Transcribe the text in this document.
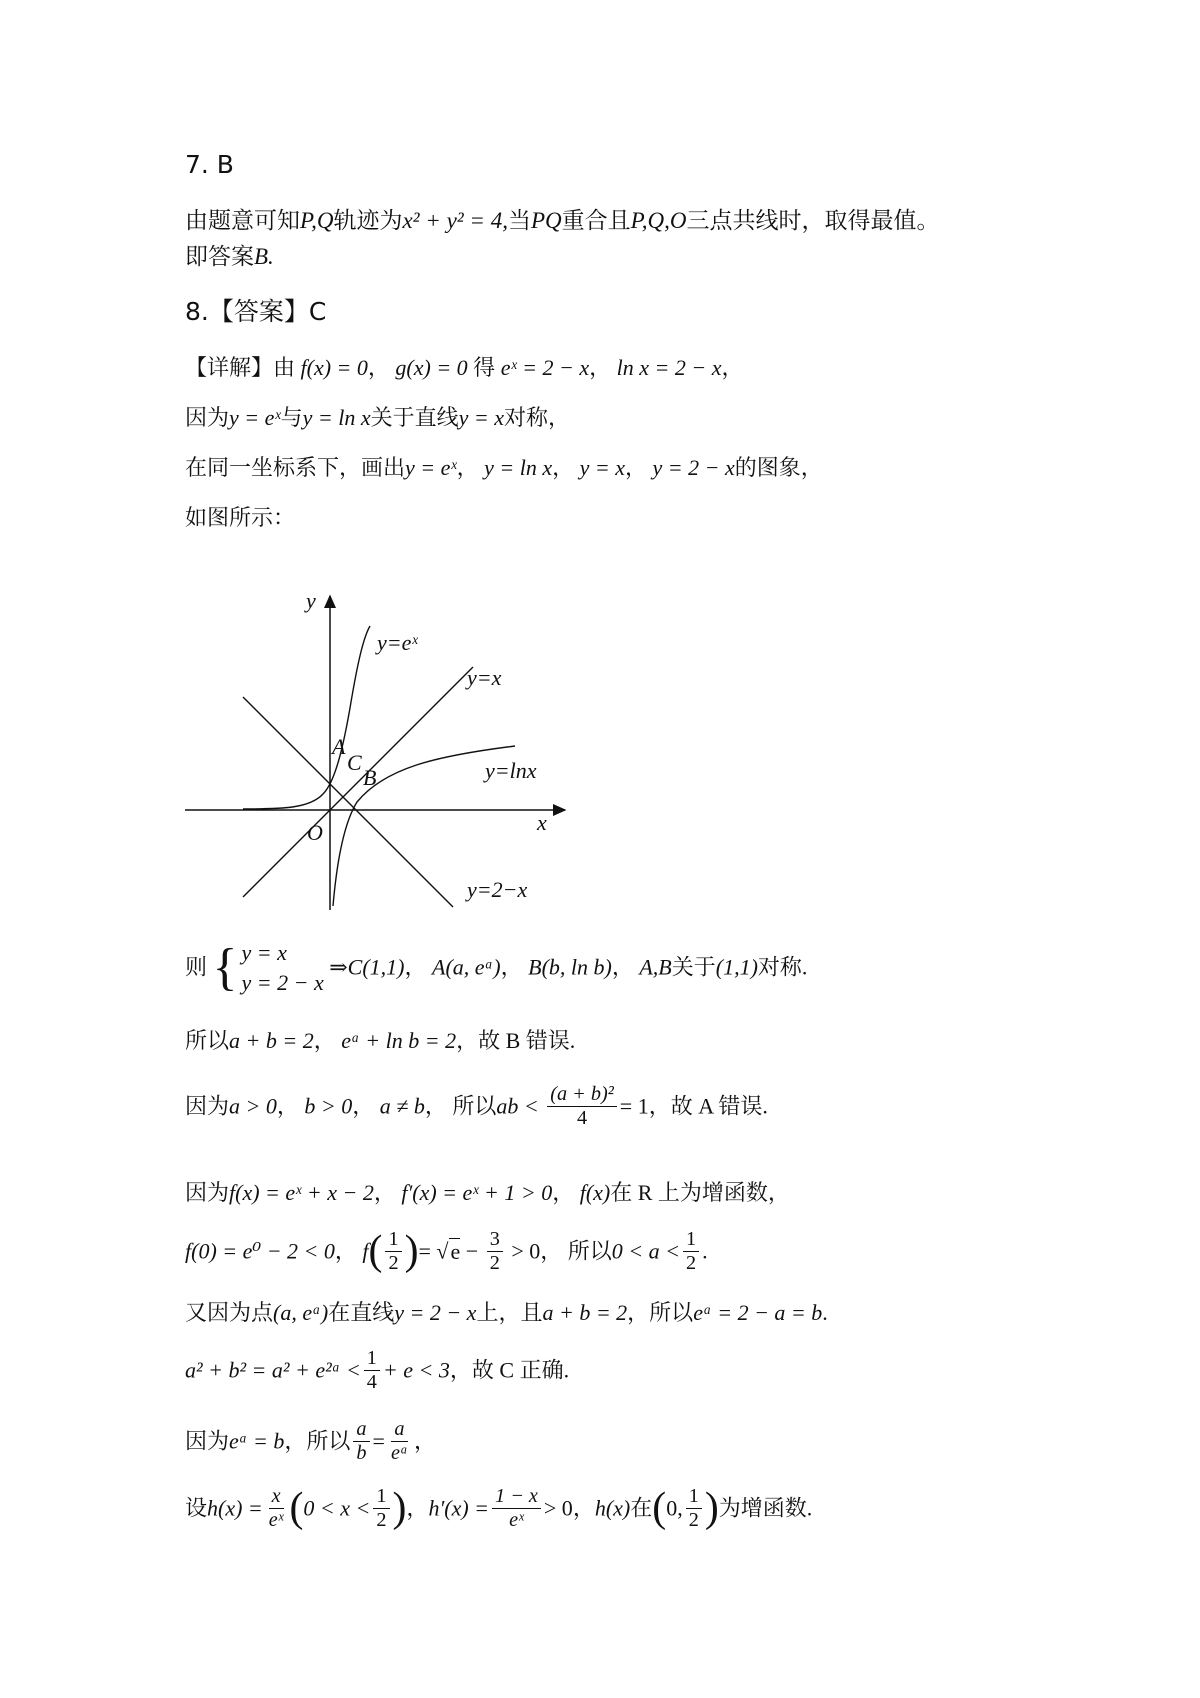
7. B
由题意可知P,Q轨迹为x² + y² = 4,当PQ重合且P,Q,O三点共线时，取得最值。
即答案B.
8.【答案】C
【详解】由 f(x) = 0， g(x) = 0 得 eˣ = 2 − x， ln x = 2 − x，
因为y = eˣ与y = ln x关于直线y = x对称，
在同一坐标系下，画出y = eˣ， y = ln x， y = x， y = 2 − x的图象，
如图所示：
y
x
O
y=eˣ
y=x
y=lnx
y=2−x
A
C
B
则 { y = x
y = 2 − x
⇒C(1,1)， A(a, eᵃ)， B(b, ln b)， A,B关于(1,1)对称.
所以a + b = 2， eᵃ + ln b = 2，故 B 错误.
因为a > 0， b > 0， a ≠ b， 所以ab < $\frac{\text{(a + b)²}}{4} = 1$，故 A 错误.
因为f(x) = eˣ + x − 2， f′(x) = eˣ + 1 > 0， f(x)在 R 上为增函数，
f(0) = e⁰ − 2 < 0， $f( \frac{1}{2}$ )= $√e - \frac{3}{2} > 0$， 所以$0 < a < \frac{1}{2}$ .
又因为点(a, eᵃ)在直线y = 2 − x上，且a + b = 2，所以eᵃ = 2 − a = b.
a² + b² = a² + e²ᵃ < $\frac{1}{4} + e < 3$，故 C 正确.
因为eᵃ = b，所以 $\frac{a}{b} = \frac{a}{\text{eᵃ}}$ ，
设$h(x) = \frac{x}{\text{eˣ}} (0 < x < \frac{1}{2}$ )，$h'(x) = \frac{1 - x}{\text{eˣ}} > 0$，h(x)在(0, $\frac{1}{2}$ )为增函数.
